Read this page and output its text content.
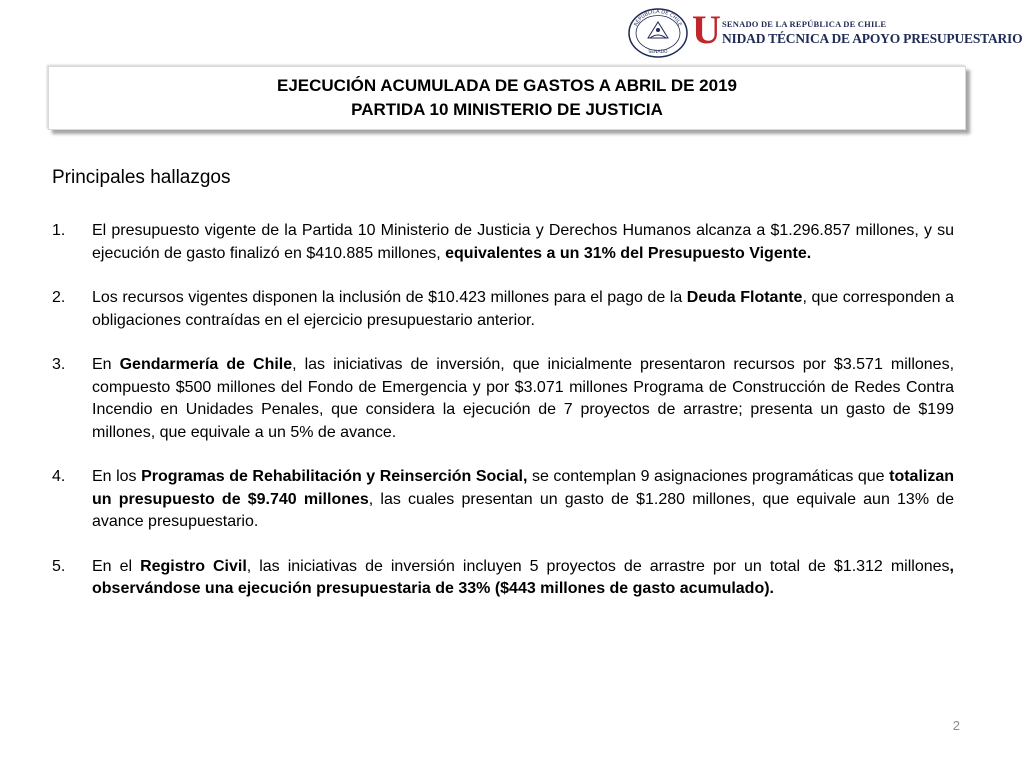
REPÚBLICA DE CHILE
SENADO
U SENADO DE LA REPÚBLICA DE CHILE
NIDAD TÉCNICA DE APOYO PRESUPUESTARIO
EJECUCIÓN ACUMULADA DE GASTOS A ABRIL DE 2019
PARTIDA 10 MINISTERIO DE JUSTICIA
Principales hallazgos
1. El presupuesto vigente de la Partida 10 Ministerio de Justicia y Derechos Humanos alcanza a $1.296.857 millones, y su ejecución de gasto finalizó en $410.885 millones, equivalentes a un 31% del Presupuesto Vigente.
2. Los recursos vigentes disponen la inclusión de $10.423 millones para el pago de la Deuda Flotante, que corresponden a obligaciones contraídas en el ejercicio presupuestario anterior.
3. En Gendarmería de Chile, las iniciativas de inversión, que inicialmente presentaron recursos por $3.571 millones, compuesto $500 millones del Fondo de Emergencia y por $3.071 millones Programa de Construcción de Redes Contra Incendio en Unidades Penales, que considera la ejecución de 7 proyectos de arrastre; presenta un gasto de $199 millones, que equivale a un 5% de avance.
4. En los Programas de Rehabilitación y Reinserción Social, se contemplan 9 asignaciones programáticas que totalizan un presupuesto de $9.740 millones, las cuales presentan un gasto de $1.280 millones, que equivale aun 13% de avance presupuestario.
5. En el Registro Civil, las iniciativas de inversión incluyen 5 proyectos de arrastre por un total de $1.312 millones, observándose una ejecución presupuestaria de 33% ($443 millones de gasto acumulado).
2
